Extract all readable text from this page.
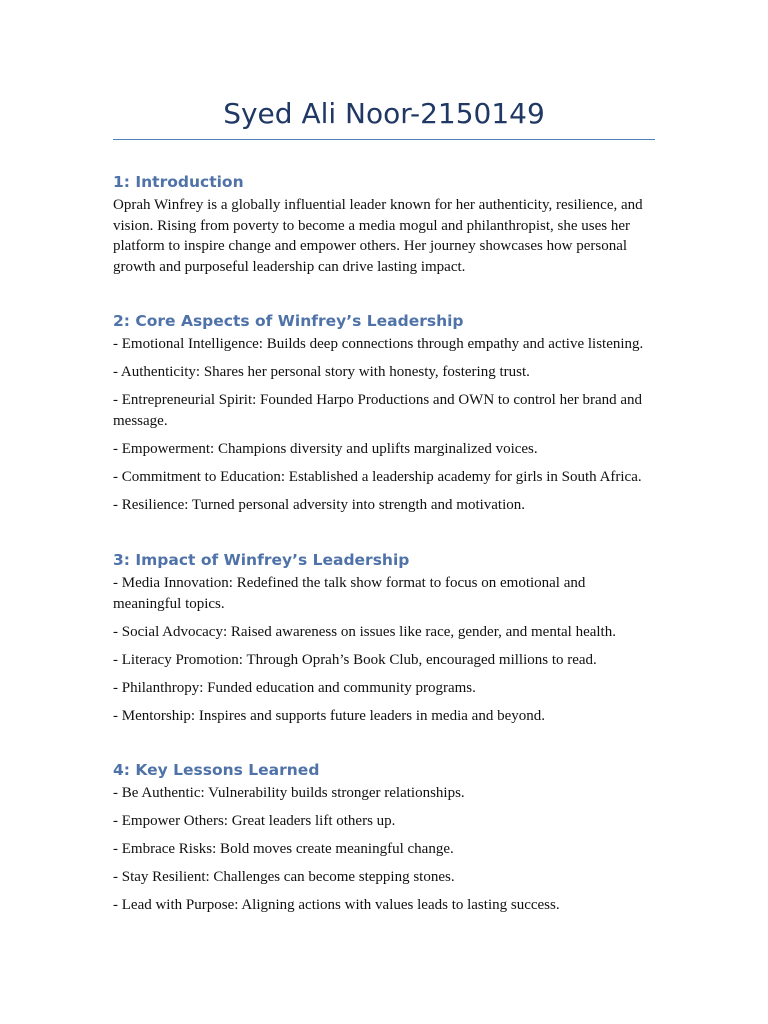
Syed Ali Noor-2150149
1: Introduction

Oprah Winfrey is a globally influential leader known for her authenticity, resilience, and vision. Rising from poverty to become a media mogul and philanthropist, she uses her platform to inspire change and empower others. Her journey showcases how personal growth and purposeful leadership can drive lasting impact.

2: Core Aspects of Winfrey’s Leadership

- Emotional Intelligence: Builds deep connections through empathy and active listening.

- Authenticity: Shares her personal story with honesty, fostering trust.

- Entrepreneurial Spirit: Founded Harpo Productions and OWN to control her brand and message.

- Empowerment: Champions diversity and uplifts marginalized voices.

- Commitment to Education: Established a leadership academy for girls in South Africa.

- Resilience: Turned personal adversity into strength and motivation.

3: Impact of Winfrey’s Leadership

- Media Innovation: Redefined the talk show format to focus on emotional and meaningful topics.

- Social Advocacy: Raised awareness on issues like race, gender, and mental health.

- Literacy Promotion: Through Oprah’s Book Club, encouraged millions to read.

- Philanthropy: Funded education and community programs.

- Mentorship: Inspires and supports future leaders in media and beyond.

4: Key Lessons Learned

- Be Authentic: Vulnerability builds stronger relationships.

- Empower Others: Great leaders lift others up.

- Embrace Risks: Bold moves create meaningful change.

- Stay Resilient: Challenges can become stepping stones.

- Lead with Purpose: Aligning actions with values leads to lasting success.
